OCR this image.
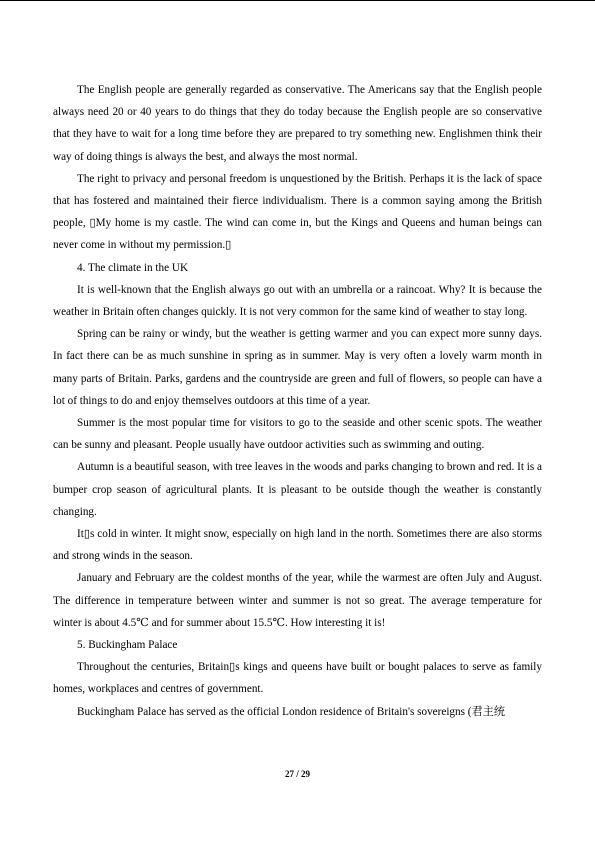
The English people are generally regarded as conservative. The Americans say that the English people always need 20 or 40 years to do things that they do today because the English people are so conservative that they have to wait for a long time before they are prepared to try something new. Englishmen think their way of doing things is always the best, and always the most normal.

The right to privacy and personal freedom is unquestioned by the British. Perhaps it is the lack of space that has fostered and maintained their fierce individualism. There is a common saying among the British people, ▯My home is my castle. The wind can come in, but the Kings and Queens and human beings can never come in without my permission.▯

4. The climate in the UK

It is well-known that the English always go out with an umbrella or a raincoat. Why? It is because the weather in Britain often changes quickly. It is not very common for the same kind of weather to stay long.

Spring can be rainy or windy, but the weather is getting warmer and you can expect more sunny days. In fact there can be as much sunshine in spring as in summer. May is very often a lovely warm month in many parts of Britain. Parks, gardens and the countryside are green and full of flowers, so people can have a lot of things to do and enjoy themselves outdoors at this time of a year.

Summer is the most popular time for visitors to go to the seaside and other scenic spots. The weather can be sunny and pleasant. People usually have outdoor activities such as swimming and outing.

Autumn is a beautiful season, with tree leaves in the woods and parks changing to brown and red. It is a bumper crop season of agricultural plants. It is pleasant to be outside though the weather is constantly changing.

It▯s cold in winter. It might snow, especially on high land in the north. Sometimes there are also storms and strong winds in the season.

January and February are the coldest months of the year, while the warmest are often July and August. The difference in temperature between winter and summer is not so great. The average temperature for winter is about 4.5℃ and for summer about 15.5℃. How interesting it is!

5. Buckingham Palace

Throughout the centuries, Britain▯s kings and queens have built or bought palaces to serve as family homes, workplaces and centres of government.

Buckingham Palace has served as the official London residence of Britain's sovereigns (君主统

27 / 29
